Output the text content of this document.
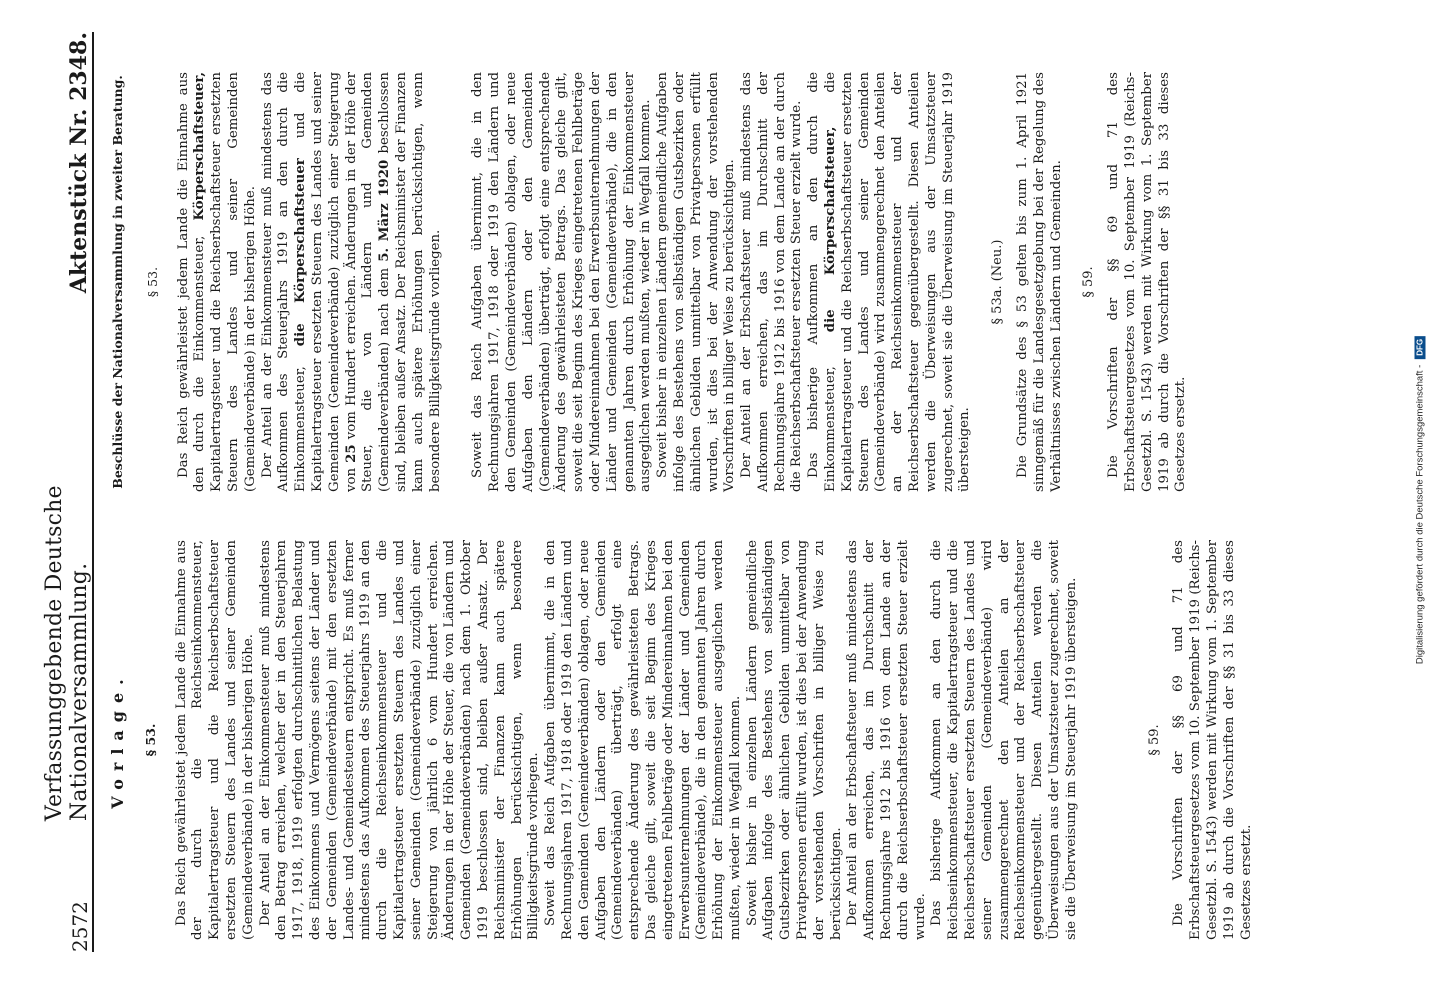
2572
Verfassunggebende Deutsche Nationalversammlung.
Aktenstück Nr. 2348.
Vorlage. § 53. Das Reich gewährleistet jedem Lande die Einnahme aus der durch die Reichseinkommensteuer, Kapitalertragsteuer und die Reichserbschaftsteuer ersetzten Steuern des Landes und seiner Gemeinden (Gemeindeverbände) in der bisherigen Höhe. Der Anteil an der Einkommensteuer muß mindestens den Betrag erreichen, welcher der in den Steuerjahren 1917, 1918, 1919 erfolgten durchschnittlichen Belastung des Einkommens und Vermögens seitens der Länder und der Gemeinden (Gemeindeverbände) mit den ersetzten Landes- und Gemeindesteuern entspricht. Es muß ferner mindestens das Aufkommen des Steuerjahrs 1919 an den durch die Reichseinkommensteuer und die Kapitalertragsteuer ersetzten Steuern des Landes und seiner Gemeinden (Gemeindeverbände) zuzüglich einer Steigerung von jährlich 6 vom Hundert erreichen. Änderungen in der Höhe der Steuer, die von Ländern und Gemeinden (Gemeindeverbänden) nach dem 1. Oktober 1919 beschlossen sind, bleiben außer Ansatz. Der Reichsminister der Finanzen kann auch spätere Erhöhungen berücksichtigen, wenn besondere Billigkeitsgründe vorliegen. Soweit das Reich Aufgaben übernimmt, die in den Rechnungsjahren 1917, 1918 oder 1919 den Ländern und den Gemeinden (Gemeindeverbänden) oblagen, oder neue Aufgaben den Ländern oder den Gemeinden (Gemeindeverbänden) überträgt, erfolgt eine entsprechende Änderung des gewährleisteten Betrags. Das gleiche gilt, soweit die seit Beginn des Krieges eingetretenen Fehlbeträge oder Mindereinnahmen bei den Erwerbsunternehmungen der Länder und Gemeinden (Gemeindeverbände), die in den genannten Jahren durch Erhöhung der Einkommensteuer ausgeglichen werden mußten, wieder in Wegfall kommen. Soweit bisher in einzelnen Ländern gemeindliche Aufgaben infolge des Bestehens von selbständigen Gutsbezirken oder ähnlichen Gebilden unmittelbar von Privatpersonen erfüllt wurden, ist dies bei der Anwendung der vorstehenden Vorschriften in billiger Weise zu berücksichtigen. Der Anteil an der Erbschaftsteuer muß mindestens das Aufkommen erreichen, das im Durchschnitt der Rechnungsjahre 1912 bis 1916 von dem Lande an der durch die Reichserbschaftsteuer ersetzten Steuer erzielt wurde. Das bisherige Aufkommen an den durch die Reichseinkommensteuer, die Kapitalertragsteuer und die Reichserbschaftsteuer ersetzten Steuern des Landes und seiner Gemeinden (Gemeindeverbände) wird zusammengerechnet den Anteilen an der Reichseinkommensteuer und der Reichserbschaftsteuer gegenübergestellt. Diesen Anteilen werden die Überweisungen aus der Umsatzsteuer zugerechnet, soweit sie die Überweisung im Steuerjahr 1919 übersteigen.	§ 59. Die Vorschriften der §§ 69 und 71 des Erbschaftsteuergesetzes vom 10. September 1919 (Reichs-Gesetzbl. S. 1543) werden mit Wirkung vom 1. September 1919 ab durch die Vorschriften der §§ 31 bis 33 dieses Gesetzes ersetzt.

Beschlüsse der Nationalversammlung in zweiter Beratung. § 53. Das Reich gewährleistet jedem Lande die Einnahme aus den durch die Einkommensteuer, Körperschaftsteuer, Kapitalertragsteuer und die Reichserbschaftsteuer ersetzten Steuern des Landes und seiner Gemeinden (Gemeindeverbände) in der bisherigen Höhe. Der Anteil an der Einkommensteuer muß mindestens das Aufkommen des Steuerjahrs 1919 an den durch die Einkommensteuer, die Körperschaftsteuer und die Kapitalertragsteuer ersetzten Steuern des Landes und seiner Gemeinden (Gemeindeverbände) zuzüglich einer Steigerung von 25 vom Hundert erreichen. Änderungen in der Höhe der Steuer, die von Ländern und Gemeinden (Gemeindeverbänden) nach dem 5. März 1920 beschlossen sind, bleiben außer Ansatz. Der Reichsminister der Finanzen kann auch spätere Erhöhungen berücksichtigen, wenn besondere Billigkeitsgründe vorliegen. Soweit das Reich Aufgaben übernimmt, die in den Rechnungsjahren 1917, 1918 oder 1919 den Ländern und den Gemeinden (Gemeindeverbänden) oblagen, oder neue Aufgaben den Ländern oder den Gemeinden (Gemeindeverbänden) überträgt, erfolgt eine entsprechende Änderung des gewährleisteten Betrags. Das gleiche gilt, soweit die seit Beginn des Krieges eingetretenen Fehlbeträge oder Mindereinnahmen bei den Erwerbsunternehmungen der Länder und Gemeinden (Gemeindeverbände), die in den genannten Jahren durch Erhöhung der Einkommensteuer ausgeglichen werden mußten, wieder in Wegfall kommen. Soweit bisher in einzelnen Ländern gemeindliche Aufgaben infolge des Bestehens von selbständigen Gutsbezirken oder ähnlichen Gebilden unmittelbar von Privatpersonen erfüllt wurden, ist dies bei der Anwendung der vorstehenden Vorschriften in billiger Weise zu berücksichtigen. Der Anteil an der Erbschaftsteuer muß mindestens das Aufkommen erreichen, das im Durchschnitt der Rechnungsjahre 1912 bis 1916 von dem Lande an der durch die Reichserbschaftsteuer ersetzten Steuer erzielt wurde. Das bisherige Aufkommen an den durch die Einkommensteuer, die Körperschaftsteuer, die Kapitalertragsteuer und die Reichserbschaftsteuer ersetzten Steuern des Landes und seiner Gemeinden (Gemeindeverbände) wird zusammengerechnet den Anteilen an der Reichseinkommensteuer und der Reichserbschaftsteuer gegenübergestellt. Diesen Anteilen werden die Überweisungen aus der Umsatzsteuer zugerechnet, soweit sie die Überweisung im Steuerjahr 1919 übersteigen.

§ 53a. (Neu.) Die Grundsätze des § 53 gelten bis zum 1. April 1921 sinngemäß für die Landesgesetzgebung bei der Regelung des Verhältnisses zwischen Ländern und Gemeinden. § 59. Die Vorschriften der §§ 69 und 71 des Erbschaftsteuergesetzes vom 10. September 1919 (Reichs-Gesetzbl. S. 1543) werden mit Wirkung vom 1. September 1919 ab durch die Vorschriften der §§ 31 bis 33 dieses Gesetzes ersetzt.	Digitalisierung gefördert durch die Deutsche Forschungsgemeinschaft -DFG
